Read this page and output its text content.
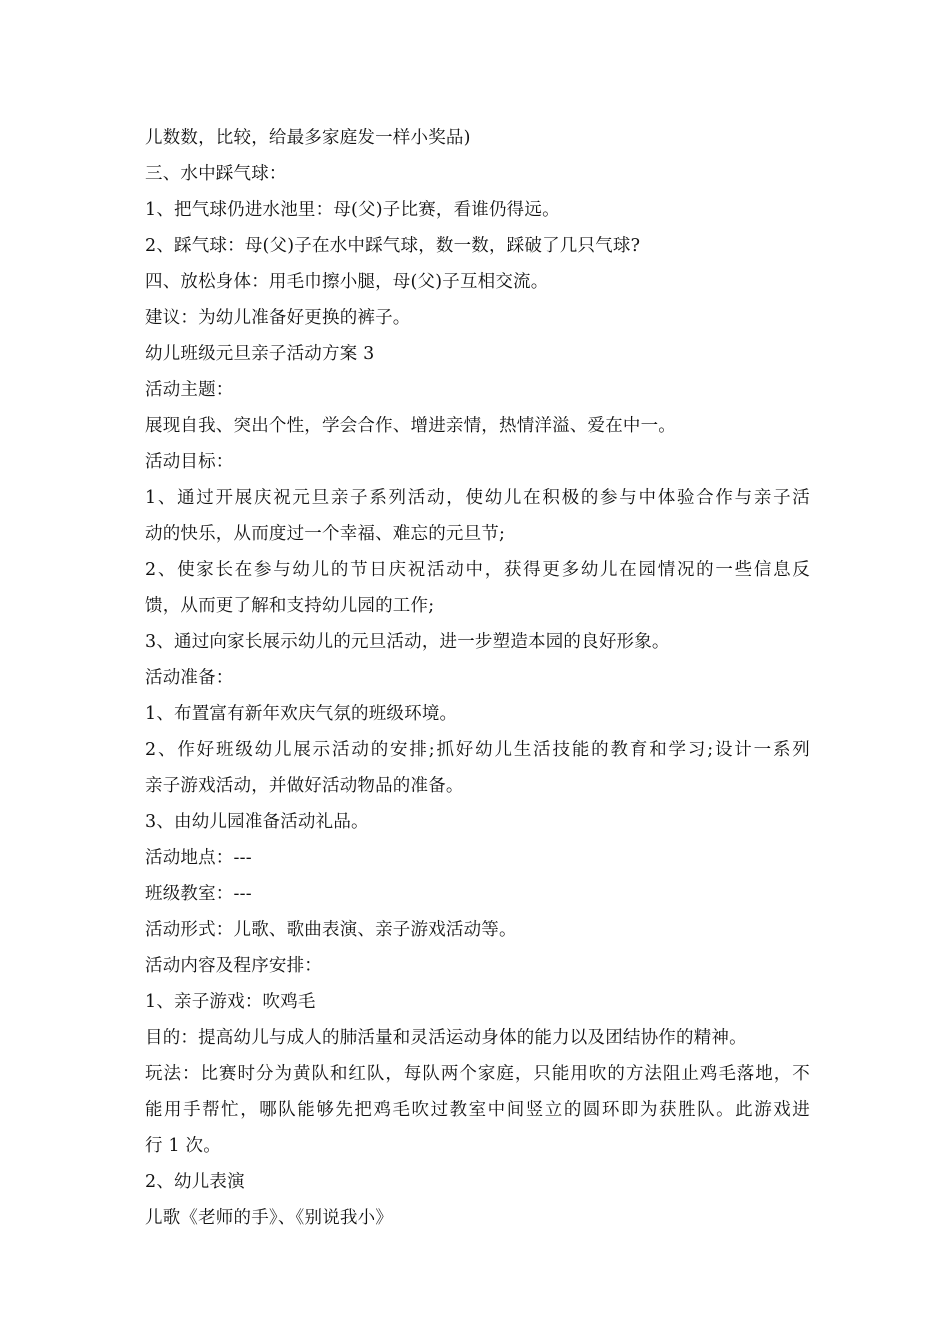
儿数数，比较，给最多家庭发一样小奖品)
三、水中踩气球：
1、把气球仍进水池里：母(父)子比赛，看谁仍得远。
2、踩气球：母(父)子在水中踩气球，数一数，踩破了几只气球?
四、放松身体：用毛巾擦小腿，母(父)子互相交流。
建议：为幼儿准备好更换的裤子。
幼儿班级元旦亲子活动方案 3
活动主题：
展现自我、突出个性，学会合作、增进亲情，热情洋溢、爱在中一。
活动目标：
1、通过开展庆祝元旦亲子系列活动，使幼儿在积极的参与中体验合作与亲子活
动的快乐，从而度过一个幸福、难忘的元旦节;
2、使家长在参与幼儿的节日庆祝活动中，获得更多幼儿在园情况的一些信息反
馈，从而更了解和支持幼儿园的工作;
3、通过向家长展示幼儿的元旦活动，进一步塑造本园的良好形象。
活动准备：
1、布置富有新年欢庆气氛的班级环境。
2、作好班级幼儿展示活动的安排;抓好幼儿生活技能的教育和学习;设计一系列
亲子游戏活动，并做好活动物品的准备。
3、由幼儿园准备活动礼品。
活动地点：---
班级教室：---
活动形式：儿歌、歌曲表演、亲子游戏活动等。
活动内容及程序安排：
1、亲子游戏：吹鸡毛
目的：提高幼儿与成人的肺活量和灵活运动身体的能力以及团结协作的精神。
玩法：比赛时分为黄队和红队，每队两个家庭，只能用吹的方法阻止鸡毛落地，不
能用手帮忙，哪队能够先把鸡毛吹过教室中间竖立的圆环即为获胜队。此游戏进
行 1 次。
2、幼儿表演
儿歌《老师的手》、《别说我小》
